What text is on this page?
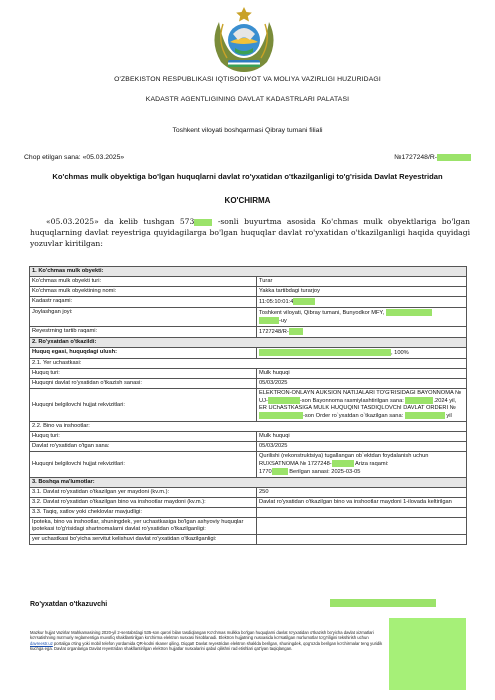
O'ZBEKISTON RESPUBLIKASI IQTISODIYOT VA MOLIYA VAZIRLIGI HUZURIDAGI
KADASTR AGENTLIGINING DAVLAT KADASTRLARI PALATASI
Toshkent viloyati boshqarmasi Qibray tumani filiali
Chop etilgan sana: «05.03.2025»	№1727248/R-
Ko'chmas mulk obyektiga bo'lgan huquqlarni davlat ro'yxatidan o'tkazilganligi to'g'risida Davlat Reyestridan
KO'CHIRMA
«05.03.2025» da kelib tushgan 573 -sonli buyurtma asosida Ko'chmas mulk obyektlariga bo'lgan huquqlarning davlat reyestriga quyidagilarga bo'lgan huquqlar davlat ro'yxatidan o'tkazilganligi haqida quyidagi yozuvlar kiritilgan:
1. Ko'chmas mulk obyekti:	
Ko'chmas mulk obyekti turi:	Turar
Ko'chmas mulk obyektining nomi:	Yakka tartibdagi turarjoy
Kadastr raqami:	11:05:10:01:4
Joylashgan joyi:	Toshkent viloyati, Qibray tumani, Bunyodkor MFY,
-uy
Reyestrning tartib raqami:	1727248/R-
2. Ro'yxatdan o'tkazildi:	
Huquq egasi, huquqdagi ulush:	, 100%
2.1. Yer uchastkasi:	
Huquq turi:	Mulk huquqi
Huquqni davlat ro'yxatidan o'tkazish sanasi:	05/03/2025
Huquqni belgilovchi hujjat rekvizitlari:	ELEKTRON-ONLAYN AUKSION NATIJALARI TO'G'RISIDAGI BAYONNOMA № UJ- -son Bayonnoma rasmiylashtirilgan sana: .2024 yil, ER UChASTKASIGA MULK HUQUQINI TASDIQLOVChI DAVLAT ORDERI № -son Order ro`yxatdan o`tkazilgan sana: yil
2.2. Bino va inshootlar:	
Huquq turi:	Mulk huquqi
Davlat ro'yxatidan o'tgan sana:	05/03/2025
Huquqni belgilovchi hujjat rekvizitlari:	Qurilishi (rekonstruktsiya) tugallangan ob`ektdan foydalanish uchun RUXSATNOMA № 1727248- Ariza raqami:
1770 Berilgan sanasi: 2025-03-05
3. Boshqa ma'lumotlar:	
3.1. Davlat ro'yxatidan o'tkazilgan yer maydoni (kv.m.):	250
3.2. Davlat ro'yxatidan o'tkazilgan bino va inshootlar maydoni (kv.m.):	Davlat ro'yxatidan o'tkazilgan bino va inshootlar maydoni 1-ilovada keltirilgan
3.3. Taqiq, xatlov yoki cheklovlar mavjudligi:	
Ipoteka, bino va inshootlar, shuningdek, yer uchastkasiga bo'lgan ashyoviy huquqlar ipotekasi to'g'risidagi shartnomalarni davlat ro'yxatidan o'tkazilganligi:	
yer uchastkasi bo'yicha servitut kelishuvi davlat ro'yxatidan o'tkazilganligi:	
Ro'yxatdan o'tkazuvchi
Mazkur hujjat Vazirlar Mahkamasining 2020-yil 2-sentabrdagi 535-son qarori bilan tasdiqlangan Ko'chmas mulkka bo'lgan huquqlarni davlat ro'yxatidan o'tkazish bo'yicha davlat xizmatlari ko'rsatishning ma'muriy reglamentiga muvofiq shakllantirilgan ko'chirma elektron nusxasi hisoblanadi. Elektron hujjatning nusxasida ko'rsatilgan ma'lumotlar to'g'riligini tekshirish uchun davreestr.uz portaliga o'ting yoki mobil telefon yordamida QR-kodni skaner qiling. Diqqat! Davlat reyestridan elektron shaklda berilgan, shuningdek, qog'ozda berilgan ko'chirmalar teng yuridik kuchga ega. Davlat organlariga Davlat reyestridan shakllantirilgan elektron hujjatlar nusxalarini qabul qilishni rad etishlari qat'iyan taqiqlangan.
